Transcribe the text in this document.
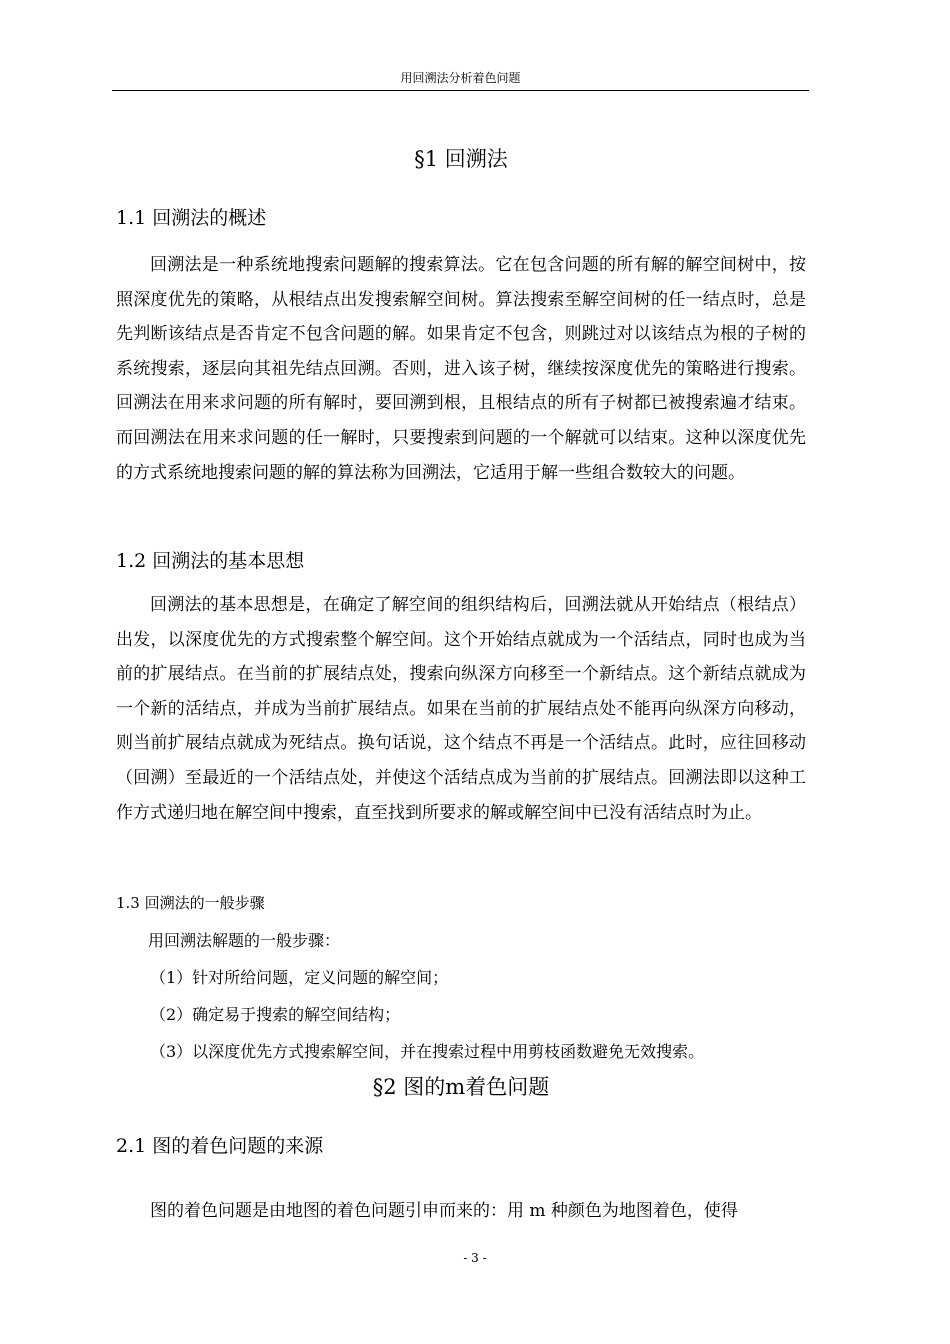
用回溯法分析着色问题
§1 回溯法
1.1 回溯法的概述

回溯法是一种系统地搜索问题解的搜索算法。它在包含问题的所有解的解空间树中，按照深度优先的策略，从根结点出发搜索解空间树。算法搜索至解空间树的任一结点时，总是先判断该结点是否肯定不包含问题的解。如果肯定不包含，则跳过对以该结点为根的子树的系统搜索，逐层向其祖先结点回溯。否则，进入该子树，继续按深度优先的策略进行搜索。回溯法在用来求问题的所有解时，要回溯到根，且根结点的所有子树都已被搜索遍才结束。而回溯法在用来求问题的任一解时，只要搜索到问题的一个解就可以结束。这种以深度优先的方式系统地搜索问题的解的算法称为回溯法，它适用于解一些组合数较大的问题。

1.2 回溯法的基本思想

回溯法的基本思想是，在确定了解空间的组织结构后，回溯法就从开始结点（根结点）出发，以深度优先的方式搜索整个解空间。这个开始结点就成为一个活结点，同时也成为当前的扩展结点。在当前的扩展结点处，搜索向纵深方向移至一个新结点。这个新结点就成为一个新的活结点，并成为当前扩展结点。如果在当前的扩展结点处不能再向纵深方向移动，则当前扩展结点就成为死结点。换句话说，这个结点不再是一个活结点。此时，应往回移动（回溯）至最近的一个活结点处，并使这个活结点成为当前的扩展结点。回溯法即以这种工作方式递归地在解空间中搜索，直至找到所要求的解或解空间中已没有活结点时为止。

1.3 回溯法的一般步骤
用回溯法解题的一般步骤：
（1）针对所给问题，定义问题的解空间；
（2）确定易于搜索的解空间结构；
（3）以深度优先方式搜索解空间，并在搜索过程中用剪枝函数避免无效搜索。
§2 图的m着色问题
2.1 图的着色问题的来源

图的着色问题是由地图的着色问题引申而来的：用 m 种颜色为地图着色，使得

- 3 -
